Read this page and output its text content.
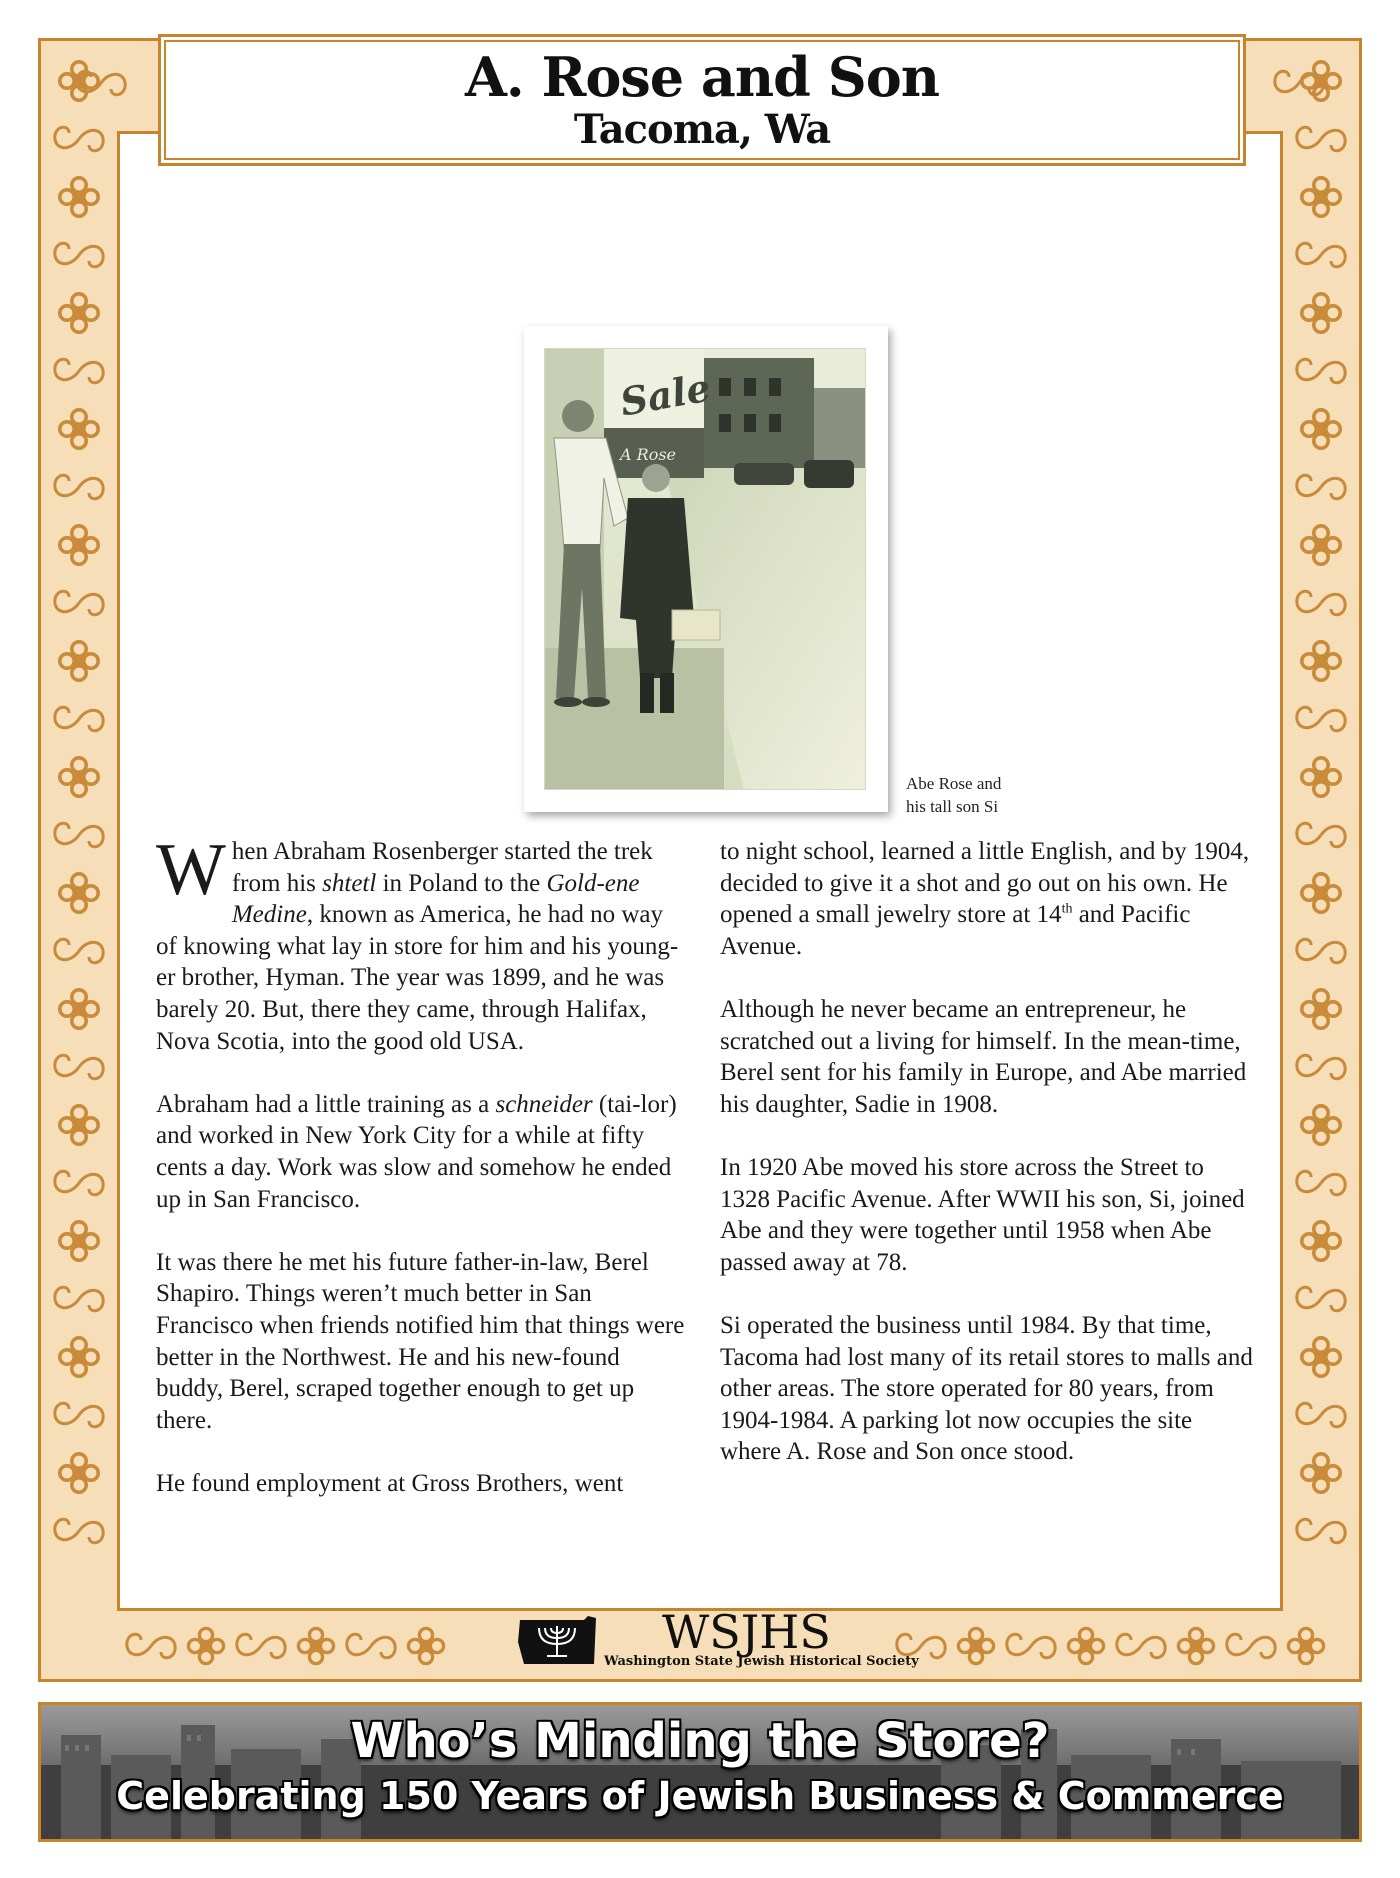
A. Rose and Son
Tacoma, Wa
Sale
A Rose
Abe Rose and
his tall son Si

When Abraham Rosenberger started the trek from his shtetl in Poland to the Gold-ene Medine, known as America, he had no way of knowing what lay in store for him and his young-er brother, Hyman. The year was 1899, and he was barely 20. But, there they came, through Halifax, Nova Scotia, into the good old USA.

Abraham had a little training as a schneider (tai-lor) and worked in New York City for a while at fifty cents a day. Work was slow and somehow he ended up in San Francisco.

It was there he met his future father-in-law, Berel Shapiro. Things weren’t much better in San Francisco when friends notified him that things were better in the Northwest. He and his new-found buddy, Berel, scraped together enough to get up there.

He found employment at Gross Brothers, went

to night school, learned a little English, and by 1904, decided to give it a shot and go out on his own. He opened a small jewelry store at 14th and Pacific Avenue.

Although he never became an entrepreneur, he scratched out a living for himself. In the mean-time, Berel sent for his family in Europe, and Abe married his daughter, Sadie in 1908.

In 1920 Abe moved his store across the Street to 1328 Pacific Avenue. After WWII his son, Si, joined Abe and they were together until 1958 when Abe passed away at 78.

Si operated the business until 1984. By that time, Tacoma had lost many of its retail stores to malls and other areas. The store operated for 80 years, from 1904-1984. A parking lot now occupies the site where A. Rose and Son once stood.

WSJHS
Washington State Jewish Historical Society
Who’s Minding the Store?
Celebrating 150 Years of Jewish Business & Commerce
